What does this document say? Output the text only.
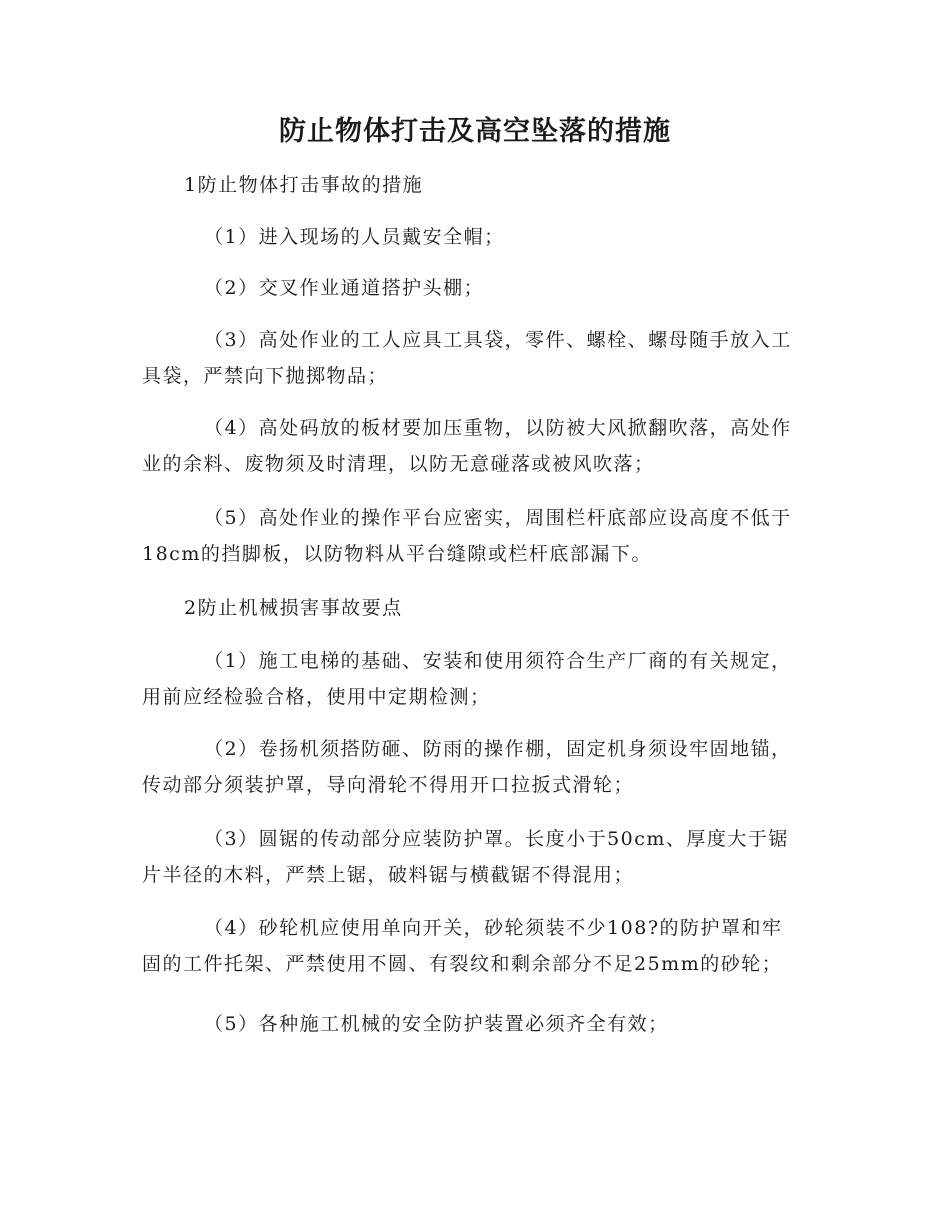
防止物体打击及高空坠落的措施

1防止物体打击事故的措施

（1）进入现场的人员戴安全帽；

（2）交叉作业通道搭护头棚；

（3）高处作业的工人应具工具袋，零件、螺栓、螺母随手放入工具袋，严禁向下抛掷物品；

（4）高处码放的板材要加压重物，以防被大风掀翻吹落，高处作业的余料、废物须及时清理，以防无意碰落或被风吹落；

（5）高处作业的操作平台应密实，周围栏杆底部应设高度不低于18cm的挡脚板，以防物料从平台缝隙或栏杆底部漏下。

2防止机械损害事故要点

（1）施工电梯的基础、安装和使用须符合生产厂商的有关规定，用前应经检验合格，使用中定期检测；

（2）卷扬机须搭防砸、防雨的操作棚，固定机身须设牢固地锚，传动部分须装护罩，导向滑轮不得用开口拉扳式滑轮；

（3）圆锯的传动部分应装防护罩。长度小于50cm、厚度大于锯片半径的木料，严禁上锯，破料锯与横截锯不得混用；

（4）砂轮机应使用单向开关，砂轮须装不少108?的防护罩和牢固的工件托架、严禁使用不圆、有裂纹和剩余部分不足25mm的砂轮；

（5）各种施工机械的安全防护装置必须齐全有效；
